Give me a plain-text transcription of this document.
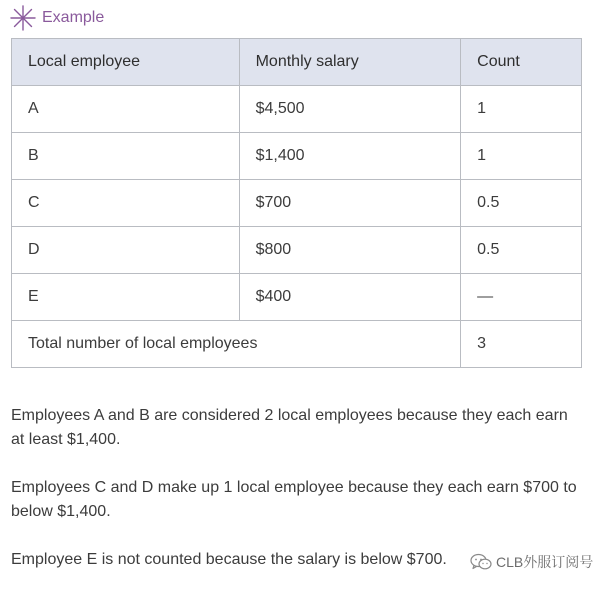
Example
Local employee	Monthly salary	Count
A	$4,500	1
B	$1,400	1
C	$700	0.5
D	$800	0.5
E	$400	—
Total number of local employees		3

Employees A and B are considered 2 local employees because they each earn at least $1,400.

Employees C and D make up 1 local employee because they each earn $700 to below $1,400.

Employee E is not counted because the salary is below $700.	CLB外服订阅号
